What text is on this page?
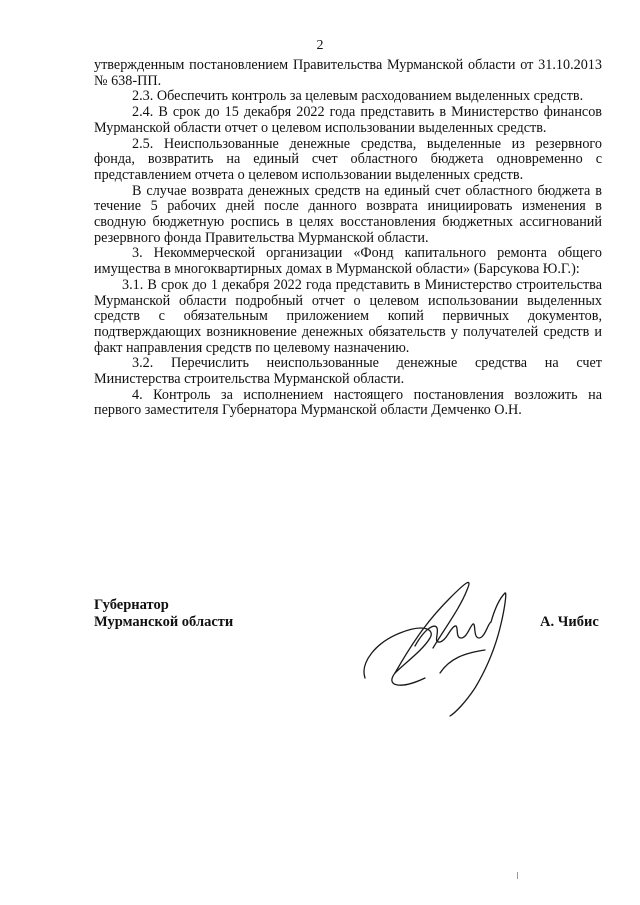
2

утвержденным постановлением Правительства Мурманской области от 31.10.2013 № 638-ПП.

2.3. Обеспечить контроль за целевым расходованием выделенных средств.

2.4. В срок до 15 декабря 2022 года представить в Министерство финансов Мурманской области отчет о целевом использовании выделенных средств.

2.5. Неиспользованные денежные средства, выделенные из резервного фонда, возвратить на единый счет областного бюджета одновременно с представлением отчета о целевом использовании выделенных средств.

В случае возврата денежных средств на единый счет областного бюджета в течение 5 рабочих дней после данного возврата инициировать изменения в сводную бюджетную роспись в целях восстановления бюджетных ассигнований резервного фонда Правительства Мурманской области.

3. Некоммерческой организации «Фонд капитального ремонта общего имущества в многоквартирных домах в Мурманской области» (Барсукова Ю.Г.):

3.1. В срок до 1 декабря 2022 года представить в Министерство строительства Мурманской области подробный отчет о целевом использовании выделенных средств с обязательным приложением копий первичных документов, подтверждающих возникновение денежных обязательств у получателей средств и факт направления средств по целевому назначению.

3.2. Перечислить неиспользованные денежные средства на счет Министерства строительства Мурманской области.

4. Контроль за исполнением настоящего постановления возложить на первого заместителя Губернатора Мурманской области Демченко О.Н.

Губернатор
Мурманской области	А. Чибис
